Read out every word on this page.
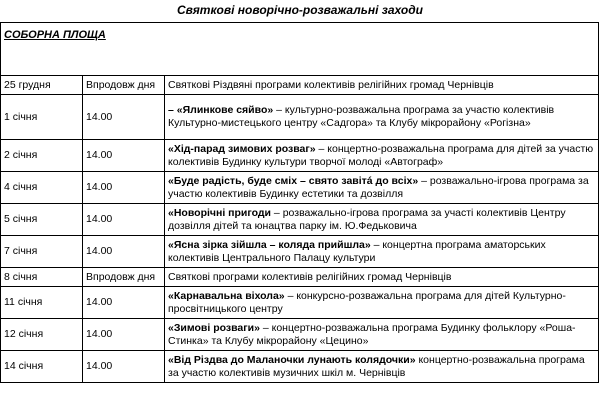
Святкові новорічно-розважальні заходи
СОБОРНА ПЛОЩА		
25 грудня	Впродовж дня	Святкові Різдвяні програми колективів релігійних громад Чернівців
1 січня	14.00	– «Ялинкове сяйво» – культурно-розважальна програма за участю колективів Культурно-мистецького центру «Садгора» та Клубу мікрорайону «Рогізна»
2 січня	14.00	«Хід-парад зимових розваг» – концертно-розважальна програма для дітей за участю колективів Будинку культури творчої молоді «Автограф»
4 січня	14.00	«Буде радість, буде сміх – свято завітá до всіх» – розважально-ігрова програма за участю колективів Будинку естетики та дозвілля
5 січня	14.00	«Новорічні пригоди – розважально-ігрова програма за участі колективів Центру дозвілля дітей та юнацтва парку ім. Ю.Федьковича
7 січня	14.00	«Ясна зірка зійшла – коляда прийшла» – концертна програма аматорських колективів Центрального Палацу культури
8 січня	Впродовж дня	Святкові програми колективів релігійних громад Чернівців
11 січня	14.00	«Карнавальна віхола» – конкурсно-розважальна програма для дітей Культурно-просвітницького центру
12 січня	14.00	«Зимові розваги» – концертно-розважальна програма Будинку фольклору «Роша-Стинка» та Клубу мікрорайону «Цецино»
14 січня	14.00	«Від Різдва до Маланочки лунають колядочки» концертно-розважальна програма за участю колективів музичних шкіл м. Чернівців
